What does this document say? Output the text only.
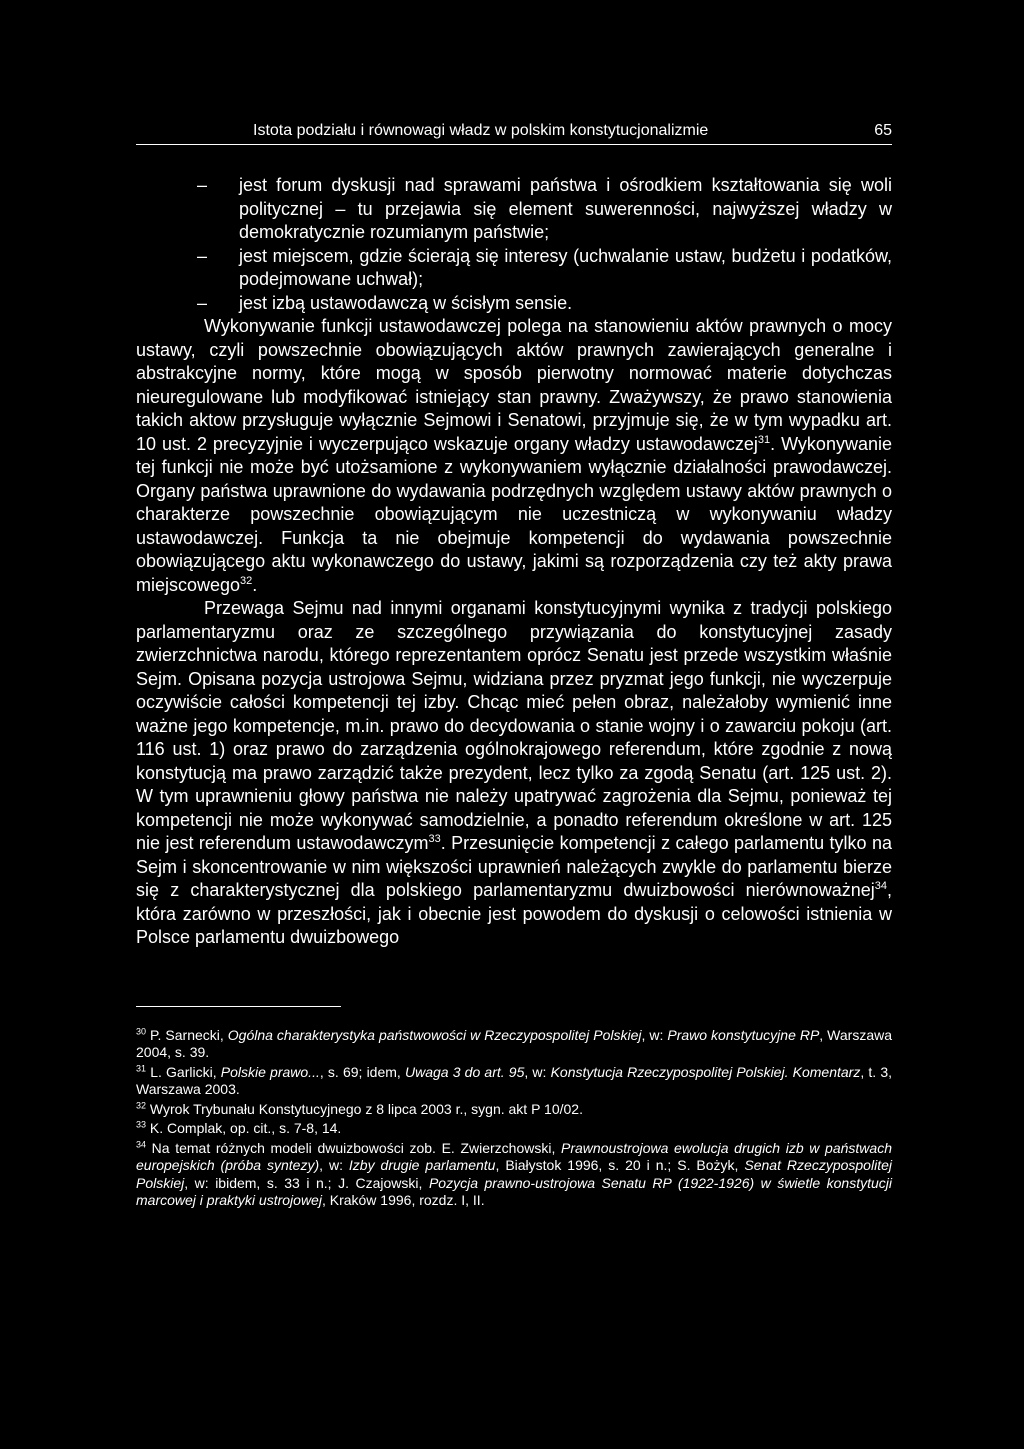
Istota podziału i równowagi władz w polskim konstytucjonalizmie	65
–	jest forum dyskusji nad sprawami państwa i ośrodkiem kształtowania się woli politycznej – tu przejawia się element suwerenności, najwyższej władzy w demokratycznie rozumianym państwie;
–	jest miejscem, gdzie ścierają się interesy (uchwalanie ustaw, budżetu i podatków, podejmowane uchwał);
–	jest izbą ustawodawczą w ścisłym sensie.

Wykonywanie funkcji ustawodawczej polega na stanowieniu aktów prawnych o mocy ustawy, czyli powszechnie obowiązujących aktów prawnych zawierających generalne i abstrakcyjne normy, które mogą w sposób pierwotny normować materie dotychczas nieuregulowane lub modyfikować istniejący stan prawny. Zważywszy, że prawo stanowienia takich aktow przysługuje wyłącznie Sejmowi i Senatowi, przyjmuje się, że w tym wypadku art. 10 ust. 2 precyzyjnie i wyczerpująco wskazuje organy władzy ustawodawczej$^{31}$. Wykonywanie tej funkcji nie może być utożsamione z wykonywaniem wyłącznie działalności prawodawczej. Organy państwa uprawnione do wydawania podrzędnych względem ustawy aktów prawnych o charakterze powszechnie obowiązującym nie uczestniczą w wykonywaniu władzy ustawodawczej. Funkcja ta nie obejmuje kompetencji do wydawania powszechnie obowiązującego aktu wykonawczego do ustawy, jakimi są rozporządzenia czy też akty prawa miejscowego$^{32}$.

Przewaga Sejmu nad innymi organami konstytucyjnymi wynika z tradycji polskiego parlamentaryzmu oraz ze szczególnego przywiązania do konstytucyjnej zasady zwierzchnictwa narodu, którego reprezentantem oprócz Senatu jest przede wszystkim właśnie Sejm. Opisana pozycja ustrojowa Sejmu, widziana przez pryzmat jego funkcji, nie wyczerpuje oczywiście całości kompetencji tej izby. Chcąc mieć pełen obraz, należałoby wymienić inne ważne jego kompetencje, m.in. prawo do decydowania o stanie wojny i o zawarciu pokoju (art. 116 ust. 1) oraz prawo do zarządzenia ogólnokrajowego referendum, które zgodnie z nową konstytucją ma prawo zarządzić także prezydent, lecz tylko za zgodą Senatu (art. 125 ust. 2). W tym uprawnieniu głowy państwa nie należy upatrywać zagrożenia dla Sejmu, ponieważ tej kompetencji nie może wykonywać samodzielnie, a ponadto referendum określone w art. 125 nie jest referendum ustawodawczym$^{33}$. Przesunięcie kompetencji z całego parlamentu tylko na Sejm i skoncentrowanie w nim większości uprawnień należących zwykle do parlamentu bierze się z charakterystycznej dla polskiego parlamentaryzmu dwuizbowości nierównoważnej$^{34}$, która zarówno w przeszłości, jak i obecnie jest powodem do dyskusji o celowości istnienia w Polsce parlamentu dwuizbowego

$^{30}$ P. Sarnecki, Ogólna charakterystyka państwowości w Rzeczypospolitej Polskiej, w: Prawo konstytucyjne RP, Warszawa 2004, s. 39.

$^{31}$ L. Garlicki, Polskie prawo..., s. 69; idem, Uwaga 3 do art. 95, w: Konstytucja Rzeczypospolitej Polskiej. Komentarz, t. 3, Warszawa 2003.

$^{32}$ Wyrok Trybunału Konstytucyjnego z 8 lipca 2003 r., sygn. akt P 10/02.

$^{33}$ K. Complak, op. cit., s. 7-8, 14.

$^{34}$ Na temat różnych modeli dwuizbowości zob. E. Zwierzchowski, Prawnoustrojowa ewolucja drugich izb w państwach europejskich (próba syntezy), w: Izby drugie parlamentu, Białystok 1996, s. 20 i n.; S. Bożyk, Senat Rzeczypospolitej Polskiej, w: ibidem, s. 33 i n.; J. Czajowski, Pozycja prawno-ustrojowa Senatu RP (1922-1926) w świetle konstytucji marcowej i praktyki ustrojowej, Kraków 1996, rozdz. I, II.
